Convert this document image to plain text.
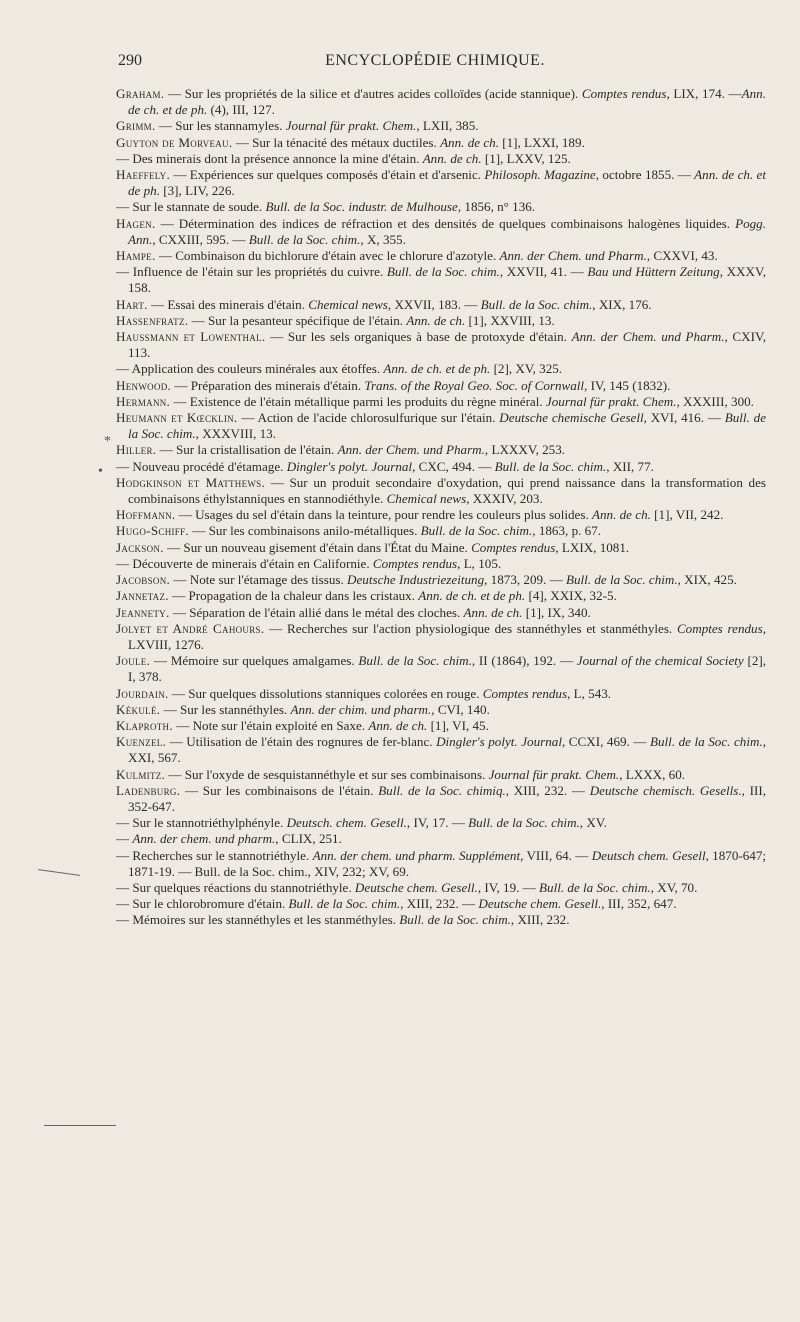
290	ENCYCLOPÉDIE CHIMIQUE.
*
•

Graham. — Sur les propriétés de la silice et d'autres acides colloïdes (acide stannique). Comptes rendus, LIX, 174. —Ann. de ch. et de ph. (4), III, 127.

Grimm. — Sur les stannamyles. Journal für prakt. Chem., LXII, 385.

Guyton de Morveau. — Sur la ténacité des métaux ductiles. Ann. de ch. [1], LXXI, 189.

— Des minerais dont la présence annonce la mine d'étain. Ann. de ch. [1], LXXV, 125.

Haeffely. — Expériences sur quelques composés d'étain et d'arsenic. Philosoph. Magazine, octobre 1855. — Ann. de ch. et de ph. [3], LIV, 226.

— Sur le stannate de soude. Bull. de la Soc. industr. de Mulhouse, 1856, n° 136.

Hagen. — Détermination des indices de réfraction et des densités de quelques combinaisons halogènes liquides. Pogg. Ann., CXXIII, 595. — Bull. de la Soc. chim., X, 355.

Hampe. — Combinaison du bichlorure d'étain avec le chlorure d'azotyle. Ann. der Chem. und Pharm., CXXVI, 43.

— Influence de l'étain sur les propriétés du cuivre. Bull. de la Soc. chim., XXVII, 41. — Bau und Hüttern Zeitung, XXXV, 158.

Hart. — Essai des minerais d'étain. Chemical news, XXVII, 183. — Bull. de la Soc. chim., XIX, 176.

Hassenfratz. — Sur la pesanteur spécifique de l'étain. Ann. de ch. [1], XXVIII, 13.

Haussmann et Lowenthal. — Sur les sels organiques à base de protoxyde d'étain. Ann. der Chem. und Pharm., CXIV, 113.

— Application des couleurs minérales aux étoffes. Ann. de ch. et de ph. [2], XV, 325.

Henwood. — Préparation des minerais d'étain. Trans. of the Royal Geo. Soc. of Cornwall, IV, 145 (1832).

Hermann. — Existence de l'étain métallique parmi les produits du règne minéral. Journal für prakt. Chem., XXXIII, 300.

Heumann et Kœcklin. — Action de l'acide chlorosulfurique sur l'étain. Deutsche chemische Gesell, XVI, 416. — Bull. de la Soc. chim., XXXVIII, 13.

Hiller. — Sur la cristallisation de l'étain. Ann. der Chem. und Pharm., LXXXV, 253.

— Nouveau procédé d'étamage. Dingler's polyt. Journal, CXC, 494. — Bull. de la Soc. chim., XII, 77.

Hodgkinson et Matthews. — Sur un produit secondaire d'oxydation, qui prend naissance dans la transformation des combinaisons éthylstanniques en stannodiéthyle. Chemical news, XXXIV, 203.

Hoffmann. — Usages du sel d'étain dans la teinture, pour rendre les couleurs plus solides. Ann. de ch. [1], VII, 242.

Hugo-Schiff. — Sur les combinaisons anilo-métalliques. Bull. de la Soc. chim., 1863, p. 67.

Jackson. — Sur un nouveau gisement d'étain dans l'État du Maine. Comptes rendus, LXIX, 1081.

— Découverte de minerais d'étain en Californie. Comptes rendus, L, 105.

Jacobson. — Note sur l'étamage des tissus. Deutsche Industriezeitung, 1873, 209. — Bull. de la Soc. chim., XIX, 425.

Jannetaz. — Propagation de la chaleur dans les cristaux. Ann. de ch. et de ph. [4], XXIX, 32-5.

Jeannety. — Séparation de l'étain allié dans le métal des cloches. Ann. de ch. [1], IX, 340.

Jolyet et André Cahours. — Recherches sur l'action physiologique des stannéthyles et stanméthyles. Comptes rendus, LXVIII, 1276.

Joule. — Mémoire sur quelques amalgames. Bull. de la Soc. chim., II (1864), 192. — Journal of the chemical Society [2], I, 378.

Jourdain. — Sur quelques dissolutions stanniques colorées en rouge. Comptes rendus, L, 543.

Kékulé. — Sur les stannéthyles. Ann. der chim. und pharm., CVI, 140.

Klaproth. — Note sur l'étain exploité en Saxe. Ann. de ch. [1], VI, 45.

Kuenzel. — Utilisation de l'étain des rognures de fer-blanc. Dingler's polyt. Journal, CCXI, 469. — Bull. de la Soc. chim., XXI, 567.

Kulmitz. — Sur l'oxyde de sesquistannéthyle et sur ses combinaisons. Journal für prakt. Chem., LXXX, 60.

Ladenburg. — Sur les combinaisons de l'étain. Bull. de la Soc. chimiq., XIII, 232. — Deutsche chemisch. Gesells., III, 352-647.

— Sur le stannotriéthylphényle. Deutsch. chem. Gesell., IV, 17. — Bull. de la Soc. chim., XV.

— Ann. der chem. und pharm., CLIX, 251.

— Recherches sur le stannotriéthyle. Ann. der chem. und pharm. Supplément, VIII, 64. — Deutsch chem. Gesell, 1870-647; 1871-19. — Bull. de la Soc. chim., XIV, 232; XV, 69.

— Sur quelques réactions du stannotriéthyle. Deutsche chem. Gesell., IV, 19. — Bull. de la Soc. chim., XV, 70.

— Sur le chlorobromure d'étain. Bull. de la Soc. chim., XIII, 232. — Deutsche chem. Gesell., III, 352, 647.

— Mémoires sur les stannéthyles et les stanméthyles. Bull. de la Soc. chim., XIII, 232.
